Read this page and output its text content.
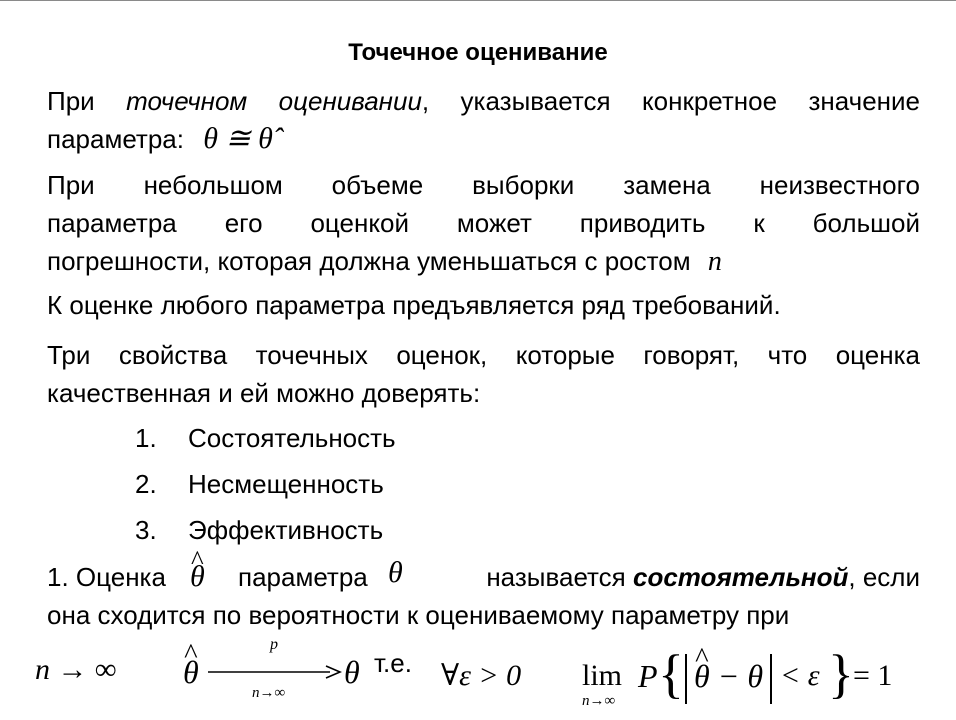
Точечное оценивание
При точечном оценивании, указывается конкретное значение
параметра: θ ≅ θ̂
При небольшом объеме выборки замена неизвестного
параметра его оценкой может приводить к большой
погрешности, которая должна уменьшаться с ростом n
К оценке любого параметра предъявляется ряд требований.
Три свойства точечных оценок, которые говорят, что оценка
качественная и ей можно доверять:
1. Состоятельность
2. Несмещенность
3. Эффективность
1. Оценка ^ θ параметра θ	называется состоятельной, если
она сходится по вероятности к оцениваемому параметру при
n → ∞ ^ θ
p
n→∞
θ т.е. ∀ε > 0 lim
n→∞
P { ^ θ − θ < ε } = 1
